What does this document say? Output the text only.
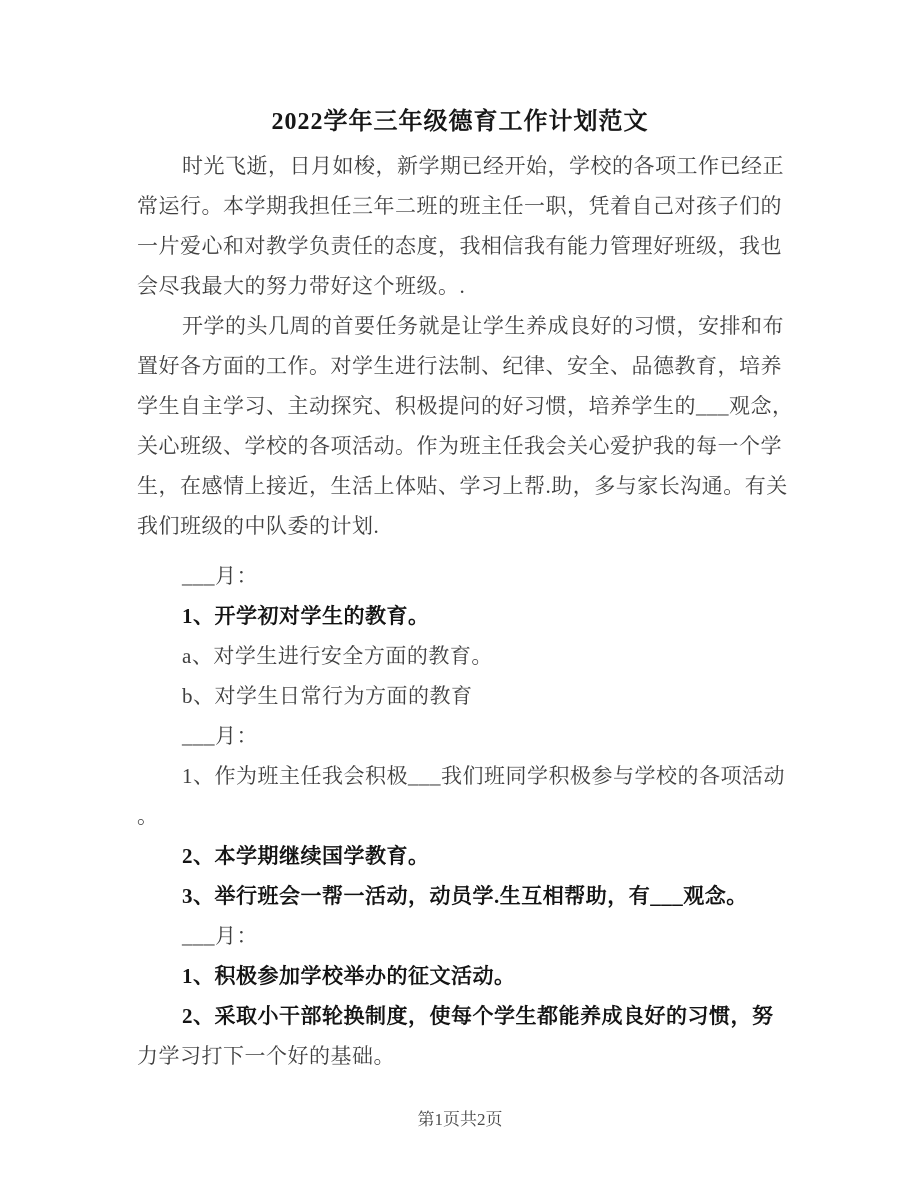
2022学年三年级德育工作计划范文
时光飞逝，日月如梭，新学期已经开始，学校的各项工作已经正
常运行。本学期我担任三年二班的班主任一职，凭着自己对孩子们的
一片爱心和对教学负责任的态度，我相信我有能力管理好班级，我也
会尽我最大的努力带好这个班级。.
开学的头几周的首要任务就是让学生养成良好的习惯，安排和布
置好各方面的工作。对学生进行法制、纪律、安全、品德教育，培养
学生自主学习、主动探究、积极提问的好习惯，培养学生的___观念，
关心班级、学校的各项活动。作为班主任我会关心爱护我的每一个学
生，在感情上接近，生活上体贴、学习上帮.助，多与家长沟通。有关
我们班级的中队委的计划.
___月：
1、开学初对学生的教育。
a、对学生进行安全方面的教育。
b、对学生日常行为方面的教育
___月：
1、作为班主任我会积极___我们班同学积极参与学校的各项活动
。
2、本学期继续国学教育。
3、举行班会一帮一活动，动员学.生互相帮助，有___观念。
___月：
1、积极参加学校举办的征文活动。
2、采取小干部轮换制度，使每个学生都能养成良好的习惯，努
力学习打下一个好的基础。
第1页共2页
